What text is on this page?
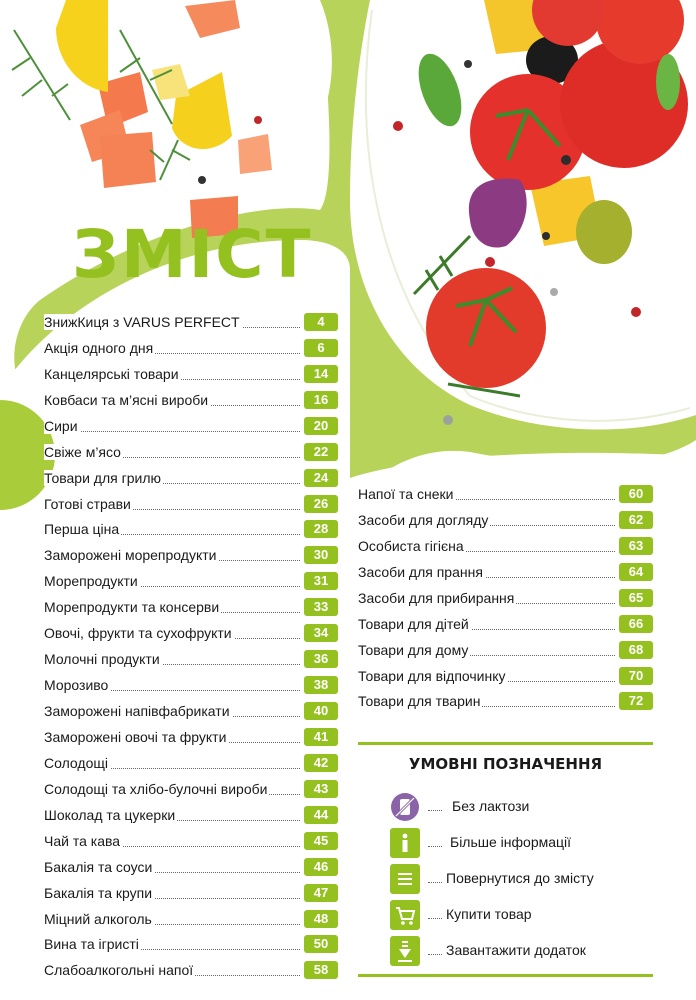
ЗМІСТ
ЗнижКиця з VARUS PERFECT	4
Акція одного дня	6
Канцелярські товари	14
Ковбаси та м’ясні вироби	16
Сири	20
Свіже м’ясо	22
Товари для грилю	24
Готові страви	26
Перша ціна	28
Заморожені морепродукти	30
Морепродукти	31
Морепродукти та консерви	33
Овочі, фрукти та сухофрукти	34
Молочні продукти	36
Морозиво	38
Заморожені напівфабрикати	40
Заморожені овочі та фрукти	41
Солодощі	42
Солодощі та хлібо-булочні вироби	43
Шоколад та цукерки	44
Чай та кава	45
Бакалія та соуси	46
Бакалія та крупи	47
Міцний алкоголь	48
Вина та ігристі	50
Слабоалкогольні напої	58
Напої та снеки	60
Засоби для догляду	62
Особиста гігієна	63
Засоби для прання	64
Засоби для прибирання	65
Товари для дітей	66
Товари для дому	68
Товари для відпочинку	70
Товари для тварин	72
УМОВНІ ПОЗНАЧЕННЯ
Без лактози
Більше інформації
Повернутися до змісту
Купити товар
Завантажити додаток
